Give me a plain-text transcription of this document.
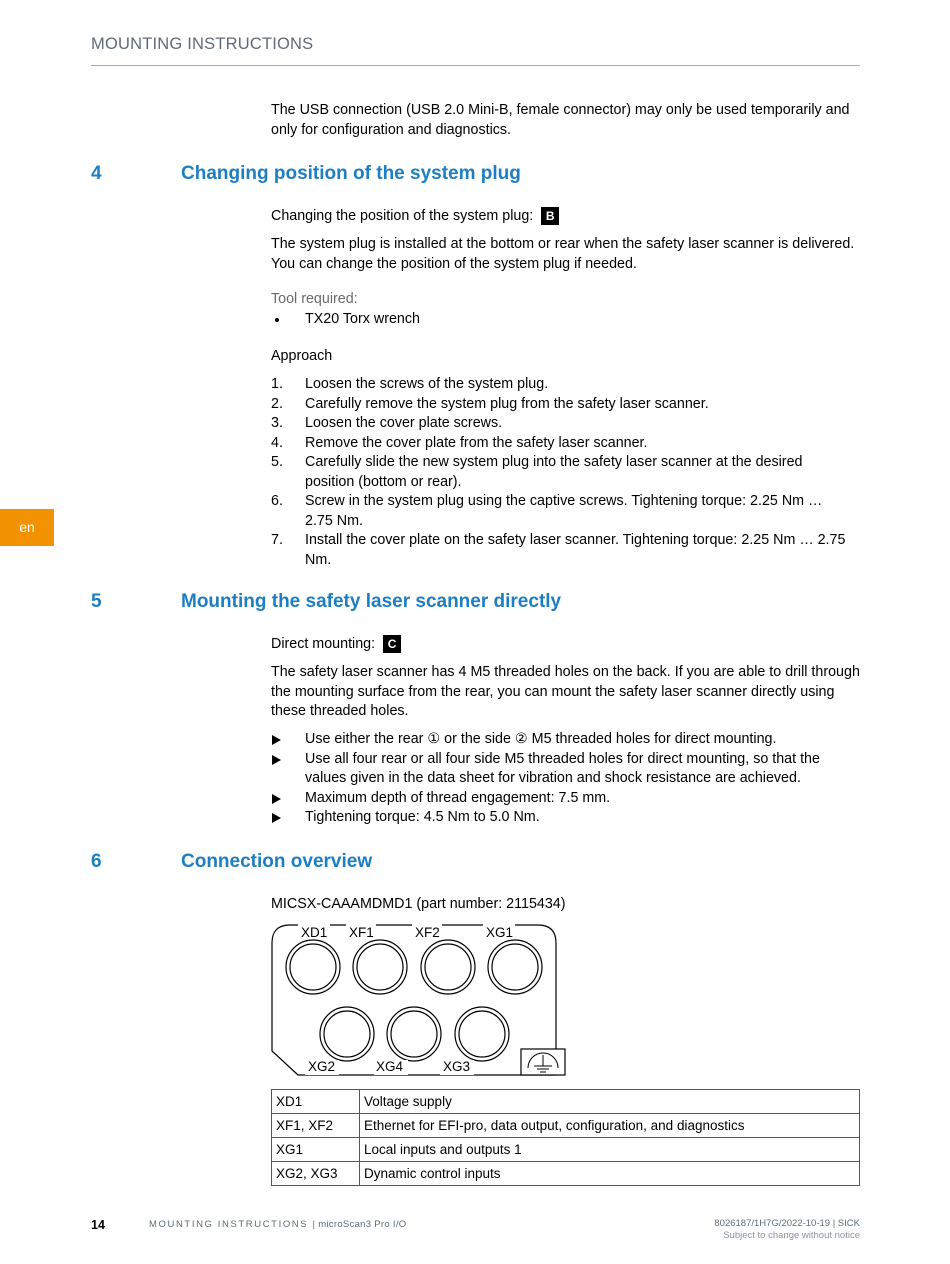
MOUNTING INSTRUCTIONS
The USB connection (USB 2.0 Mini-B, female connector) may only be used temporarily and only for configuration and diagnostics.
4	Changing position of the system plug
Changing the position of the system plug: B
The system plug is installed at the bottom or rear when the safety laser scanner is delivered. You can change the position of the system plug if needed.
Tool required:
TX20 Torx wrench
Approach
1. Loosen the screws of the system plug.
2. Carefully remove the system plug from the safety laser scanner.
3. Loosen the cover plate screws.
4. Remove the cover plate from the safety laser scanner.
5. Carefully slide the new system plug into the safety laser scanner at the desired position (bottom or rear).
6. Screw in the system plug using the captive screws. Tightening torque: 2.25 Nm … 2.75 Nm.
7. Install the cover plate on the safety laser scanner. Tightening torque: 2.25 Nm … 2.75 Nm.
en
5	Mounting the safety laser scanner directly
Direct mounting: C
The safety laser scanner has 4 M5 threaded holes on the back. If you are able to drill through the mounting surface from the rear, you can mount the safety laser scanner directly using these threaded holes.
Use either the rear ① or the side ② M5 threaded holes for direct mounting.
Use all four rear or all four side M5 threaded holes for direct mounting, so that the values given in the data sheet for vibration and shock resistance are achieved.
Maximum depth of thread engagement: 7.5 mm.
Tightening torque: 4.5 Nm to 5.0 Nm.
6	Connection overview
MICSX-CAAAMDMD1 (part number: 2115434)
XD1 XF1	XF2	XG1
XG2	XG4	XG3
XD1	Voltage supply
XF1, XF2	Ethernet for EFI-pro, data output, configuration, and diagnostics
XG1	Local inputs and outputs 1
XG2, XG3	Dynamic control inputs
14	MOUNTING INSTRUCTIONS | microScan3 Pro I/O	8026187/1H7G/2022-10-19 | SICK
Subject to change without notice
